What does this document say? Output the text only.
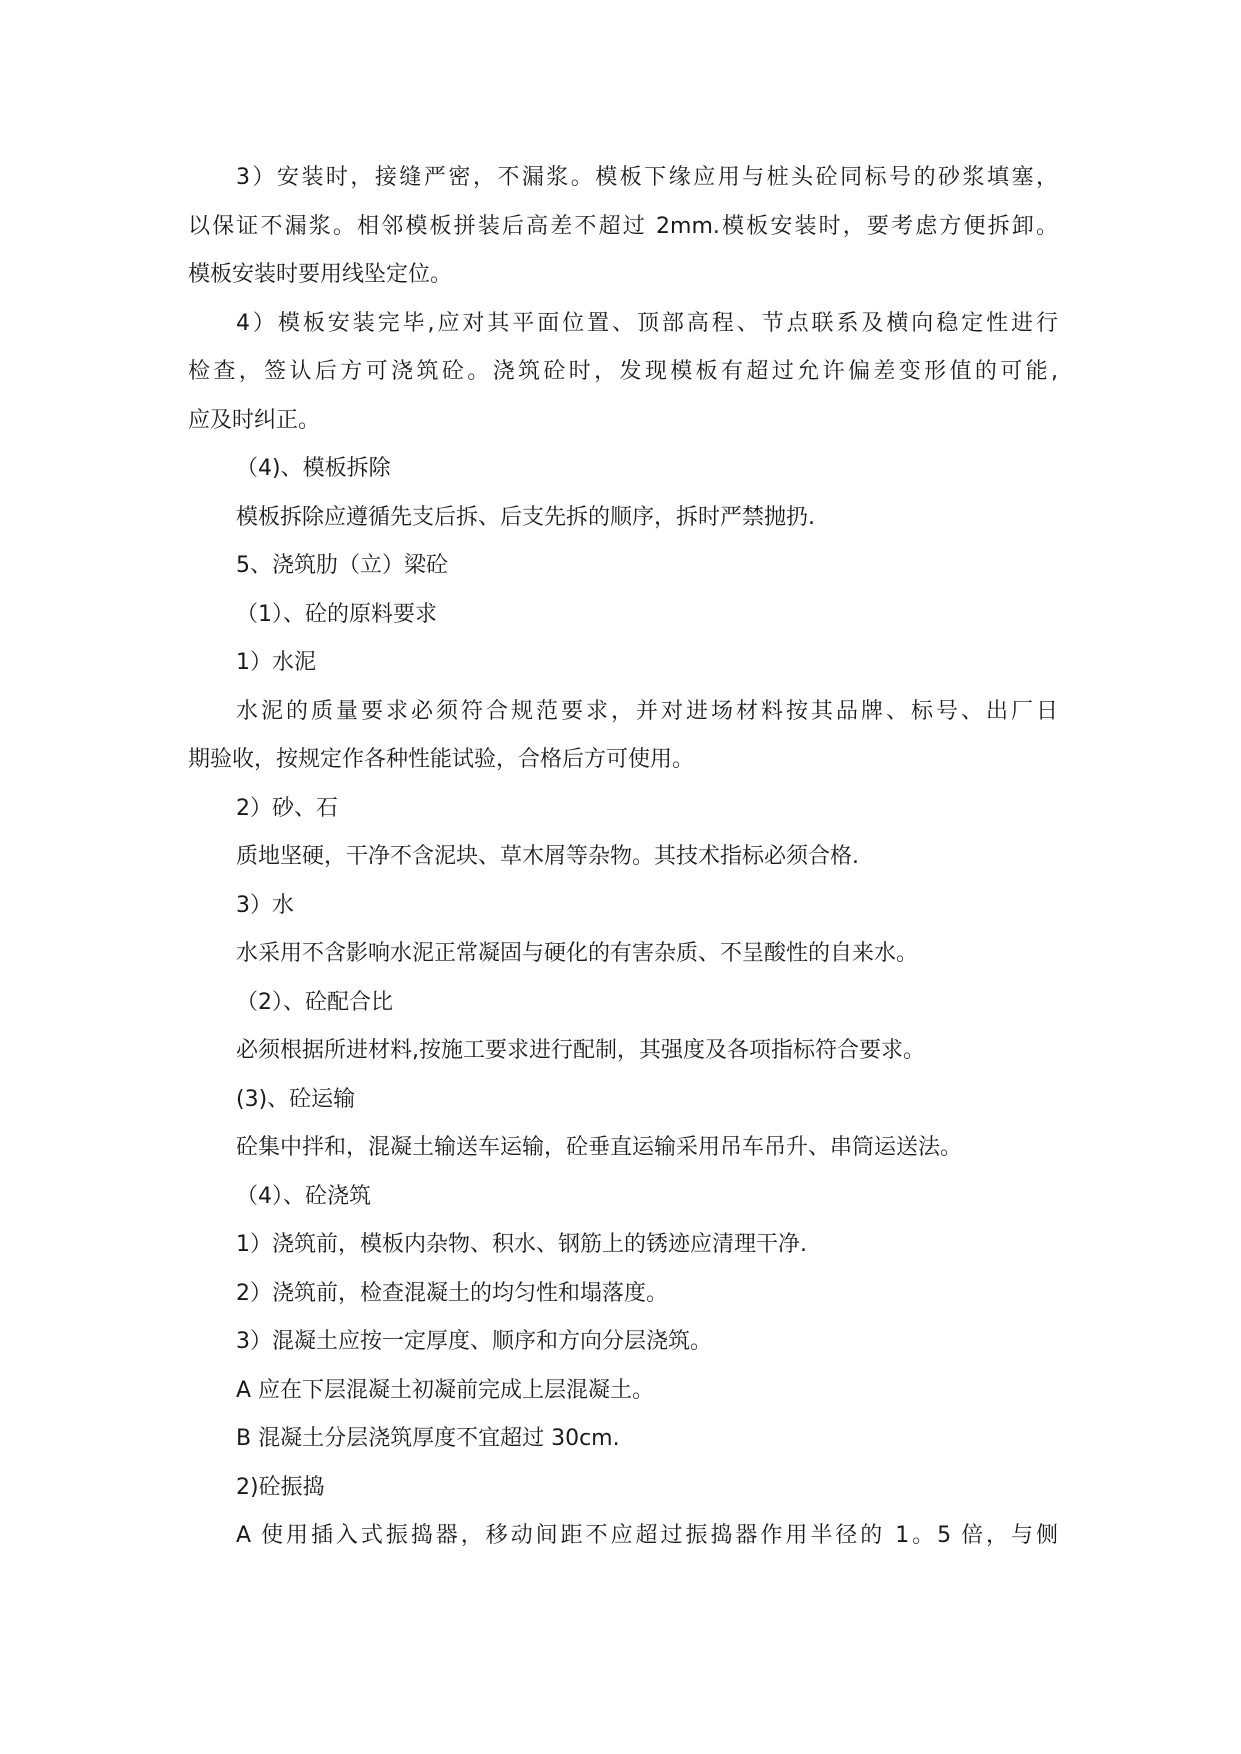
3）安装时，接缝严密，不漏浆。模板下缘应用与桩头砼同标号的砂浆填塞，

以保证不漏浆。相邻模板拼装后高差不超过 2mm.模板安装时，要考虑方便拆卸。

模板安装时要用线坠定位。

4）模板安装完毕,应对其平面位置、顶部高程、节点联系及横向稳定性进行

检查，签认后方可浇筑砼。浇筑砼时，发现模板有超过允许偏差变形值的可能,

应及时纠正。

（4)、模板拆除

模板拆除应遵循先支后拆、后支先拆的顺序，拆时严禁抛扔.

5、浇筑肋（立）梁砼

（1）、砼的原料要求

1）水泥

水泥的质量要求必须符合规范要求，并对进场材料按其品牌、标号、出厂日

期验收，按规定作各种性能试验，合格后方可使用。

2）砂、石

质地坚硬，干净不含泥块、草木屑等杂物。其技术指标必须合格.

3）水

水采用不含影响水泥正常凝固与硬化的有害杂质、不呈酸性的自来水。

（2）、砼配合比

必须根据所进材料,按施工要求进行配制，其强度及各项指标符合要求。

(3)、砼运输

砼集中拌和，混凝土输送车运输，砼垂直运输采用吊车吊升、串筒运送法。

（4）、砼浇筑

1）浇筑前，模板内杂物、积水、钢筋上的锈迹应清理干净.

2）浇筑前，检查混凝土的均匀性和塌落度。

3）混凝土应按一定厚度、顺序和方向分层浇筑。

A 应在下层混凝土初凝前完成上层混凝土。

B 混凝土分层浇筑厚度不宜超过 30cm.

2)砼振捣

A 使用插入式振捣器，移动间距不应超过振捣器作用半径的 1。5 倍，与侧
